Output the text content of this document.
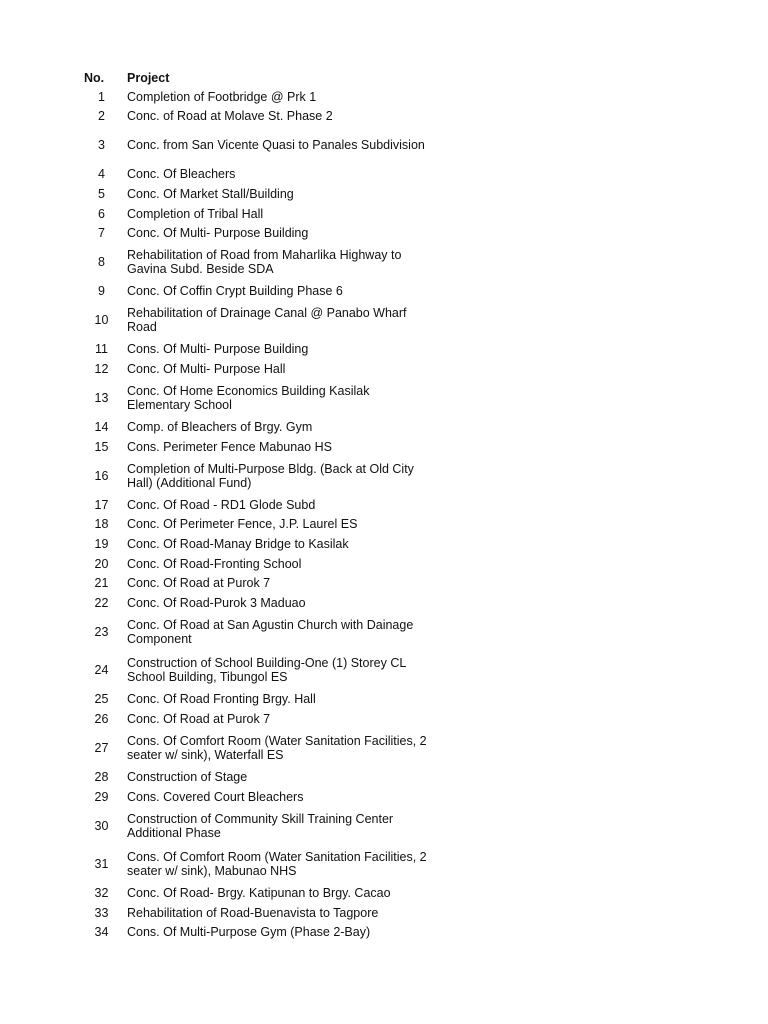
No.	Project
1	Completion of Footbridge @ Prk 1
2	Conc. of Road at Molave St. Phase 2
3	Conc. from San Vicente Quasi to Panales Subdivision
4	Conc. Of Bleachers
5	Conc. Of Market Stall/Building
6	Completion of Tribal Hall
7	Conc. Of Multi- Purpose Building
8	Rehabilitation of Road from Maharlika Highway to Gavina Subd. Beside SDA
9	Conc. Of Coffin Crypt Building Phase 6
10	Rehabilitation of Drainage Canal @ Panabo Wharf Road
11	Cons. Of Multi- Purpose Building
12	Conc. Of Multi- Purpose Hall
13	Conc. Of Home Economics Building Kasilak Elementary School
14	Comp. of Bleachers of Brgy. Gym
15	Cons. Perimeter Fence Mabunao HS
16	Completion of Multi-Purpose Bldg. (Back at Old City Hall) (Additional Fund)
17	Conc. Of Road - RD1 Glode Subd
18	Conc. Of Perimeter Fence, J.P. Laurel ES
19	Conc. Of Road-Manay Bridge to Kasilak
20	Conc. Of Road-Fronting School
21	Conc. Of Road at Purok 7
22	Conc. Of Road-Purok 3 Maduao
23	Conc. Of Road at San Agustin Church with Dainage Component
24	Construction of School Building-One (1) Storey CL School Building, Tibungol ES
25	Conc. Of Road Fronting Brgy. Hall
26	Conc. Of Road at Purok 7
27	Cons. Of Comfort Room (Water Sanitation Facilities, 2 seater w/ sink), Waterfall ES
28	Construction of Stage
29	Cons. Covered Court Bleachers
30	Construction of Community Skill Training Center Additional Phase
31	Cons. Of Comfort Room (Water Sanitation Facilities, 2 seater w/ sink), Mabunao NHS
32	Conc. Of Road- Brgy. Katipunan to Brgy. Cacao
33	Rehabilitation of Road-Buenavista to Tagpore
34	Cons. Of Multi-Purpose Gym (Phase 2-Bay)
